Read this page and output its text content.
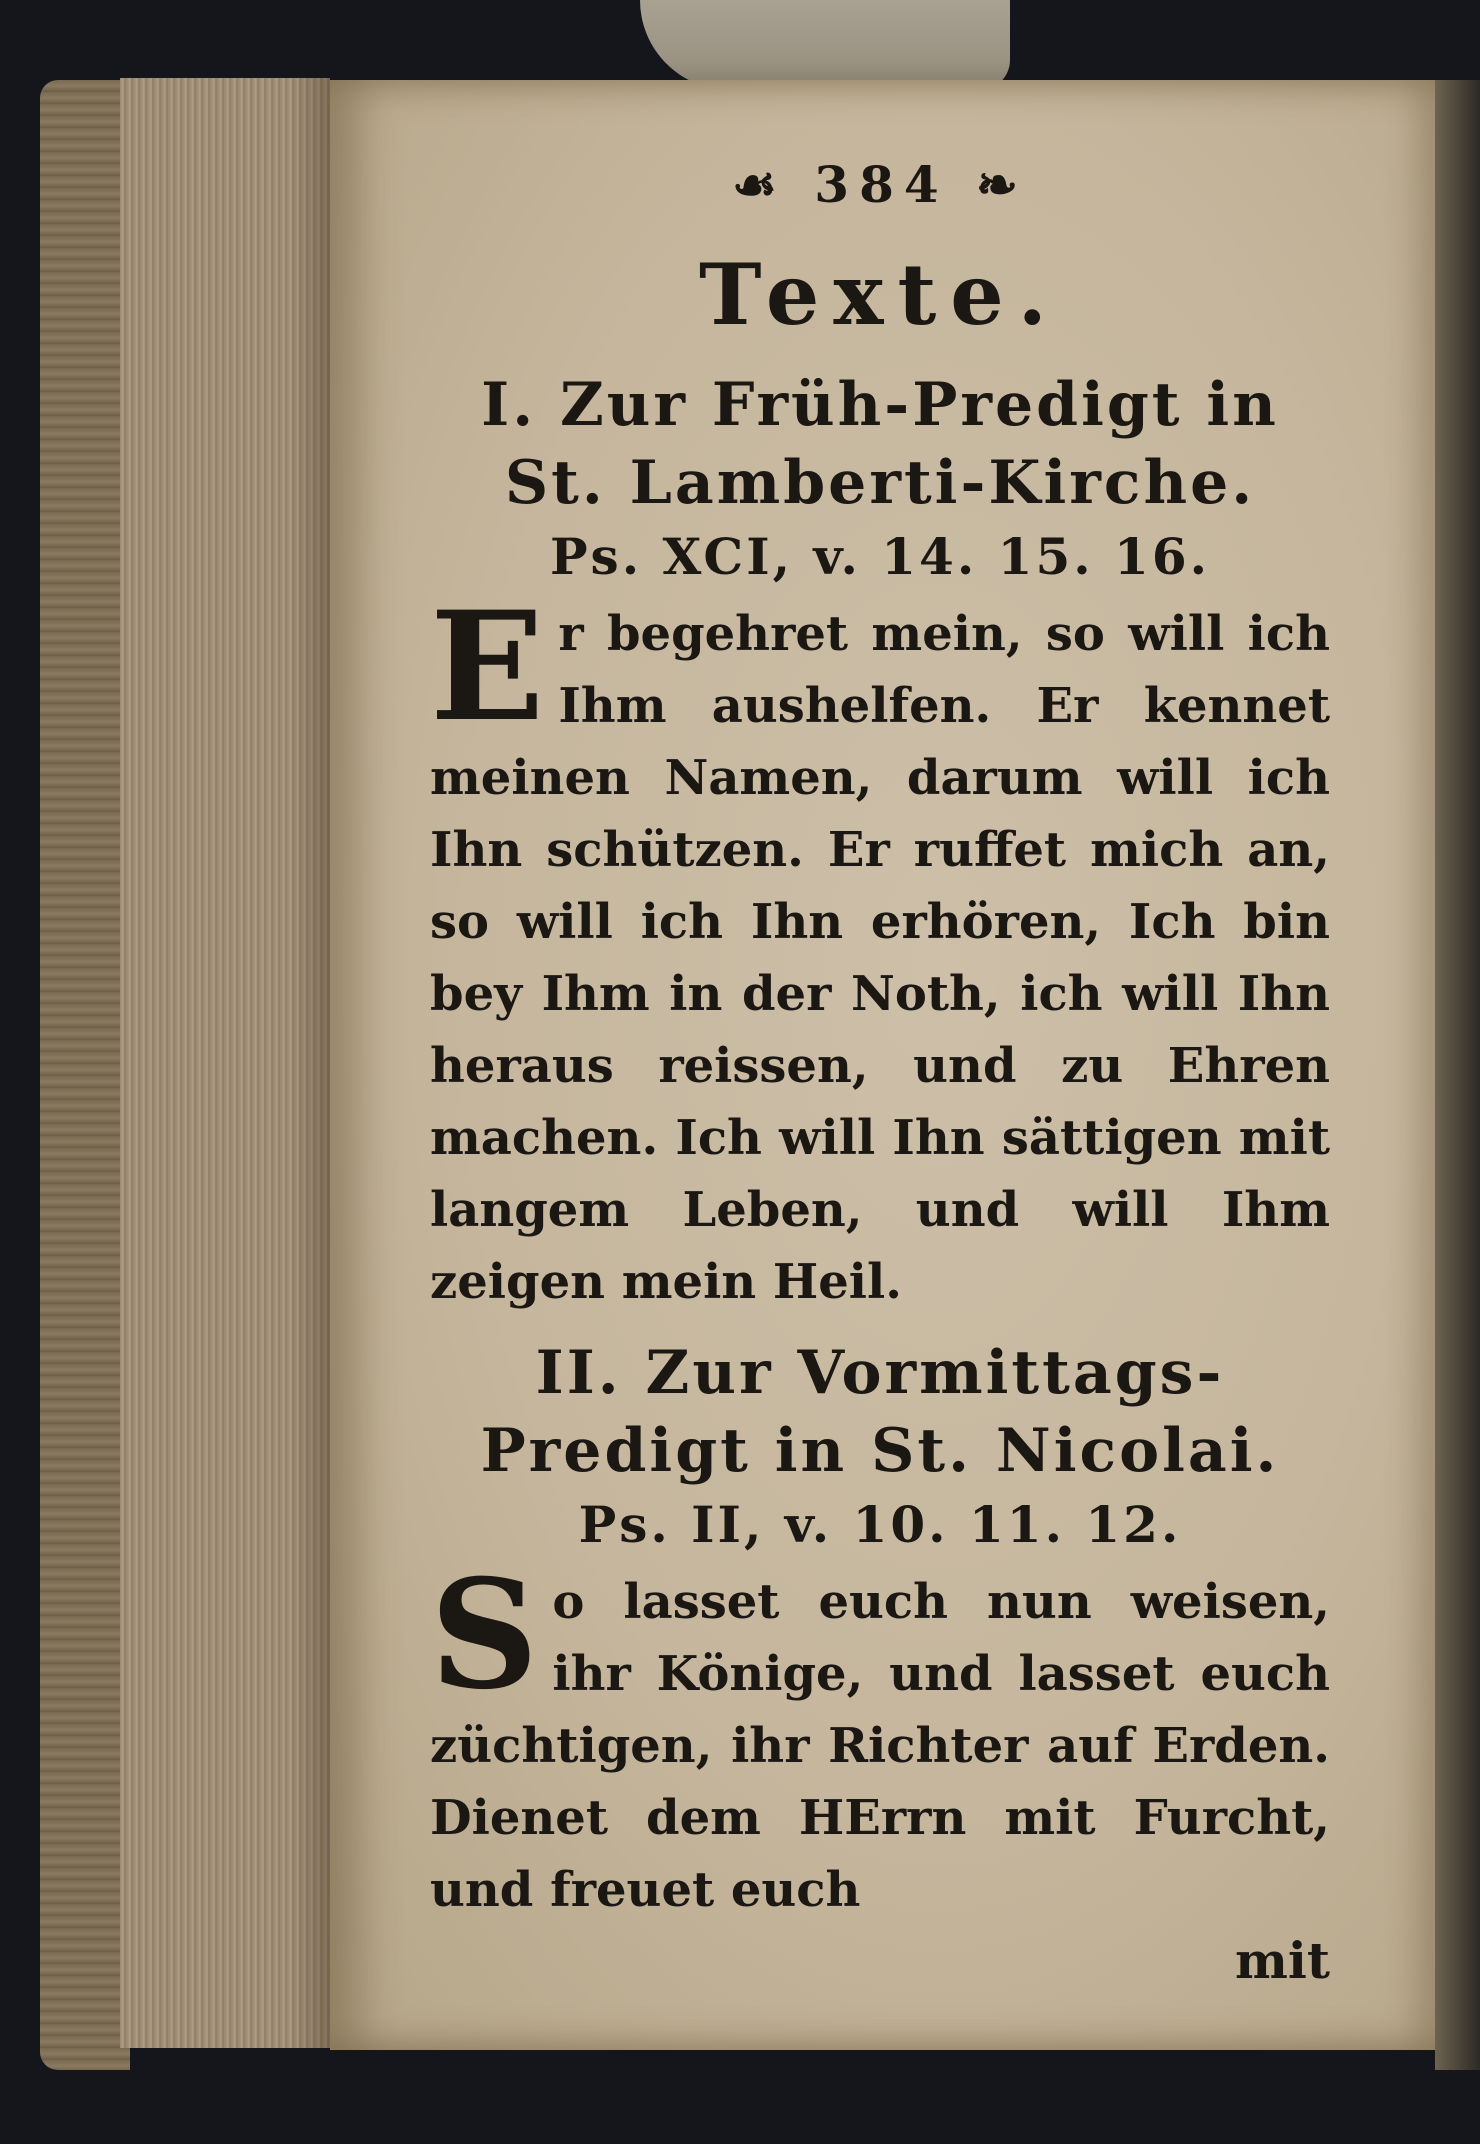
☙ 384 ❧
Texte.
I. Zur Früh-Predigt in St. Lamberti-Kirche.
Ps. XCI, v. 14. 15. 16.
Er begehret mein, so will ich Ihm aushelfen. Er kennet meinen Namen, darum will ich Ihn schützen. Er ruffet mich an, so will ich Ihn erhören, Ich bin bey Ihm in der Noth, ich will Ihn heraus reissen, und zu Ehren machen. Ich will Ihn sättigen mit langem Leben, und will Ihm zeigen mein Heil.
II. Zur Vormittags-Predigt in St. Nicolai.
Ps. II, v. 10. 11. 12.
So lasset euch nun weisen, ihr Könige, und lasset euch züchtigen, ihr Richter auf Erden. Dienet dem HErrn mit Furcht, und freuet euch
mit
